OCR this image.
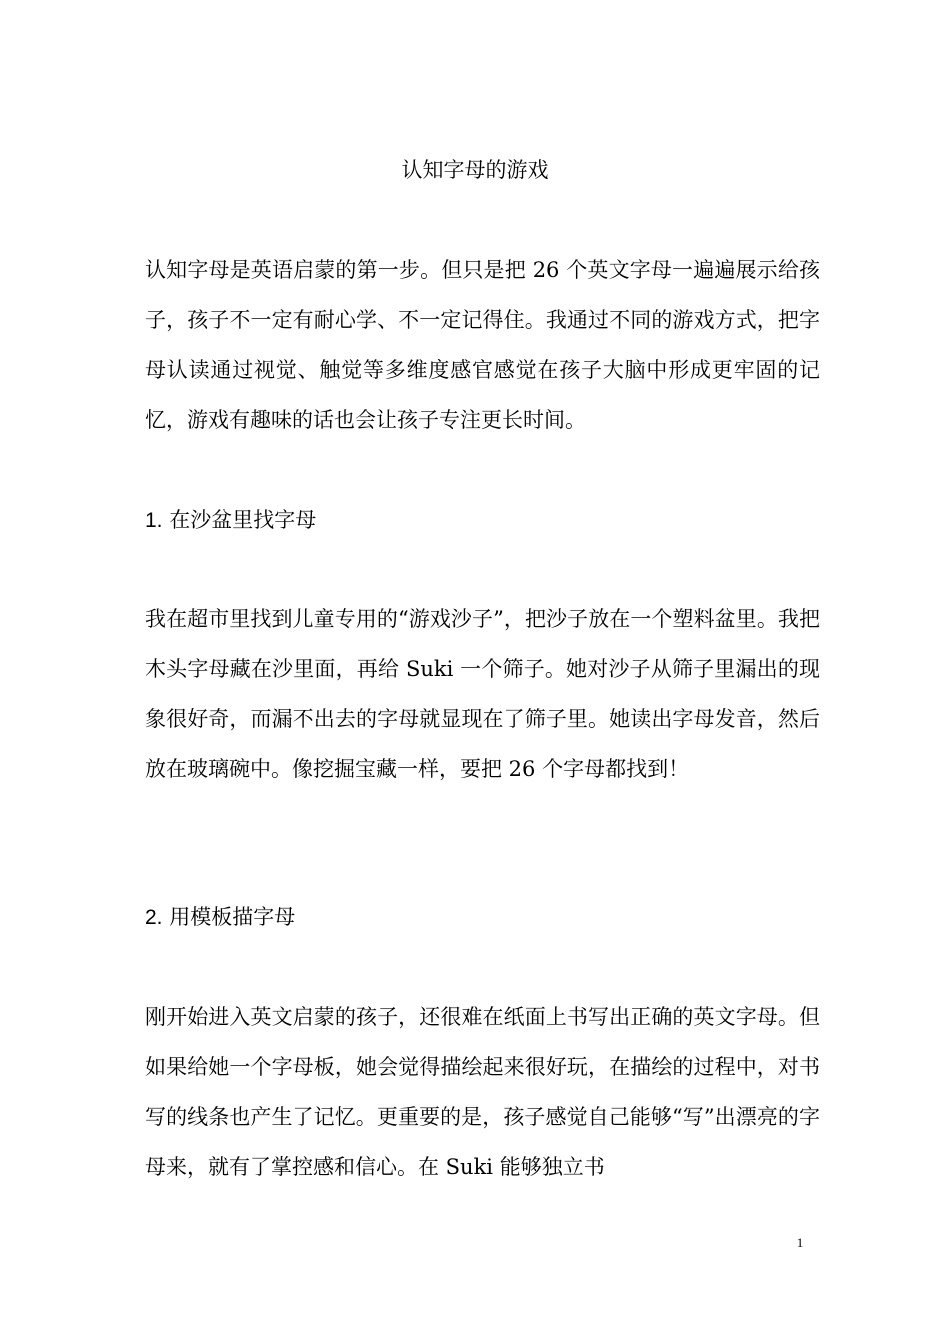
认知字母的游戏
认知字母是英语启蒙的第一步。但只是把 26 个英文字母一遍遍展示给孩子，孩子不一定有耐心学、不一定记得住。我通过不同的游戏方式，把字母认读通过视觉、触觉等多维度感官感觉在孩子大脑中形成更牢固的记忆，游戏有趣味的话也会让孩子专注更长时间。
1. 在沙盆里找字母
我在超市里找到儿童专用的“游戏沙子”，把沙子放在一个塑料盆里。我把木头字母藏在沙里面，再给 Suki 一个筛子。她对沙子从筛子里漏出的现象很好奇，而漏不出去的字母就显现在了筛子里。她读出字母发音，然后放在玻璃碗中。像挖掘宝藏一样，要把 26 个字母都找到！
2. 用模板描字母
刚开始进入英文启蒙的孩子，还很难在纸面上书写出正确的英文字母。但如果给她一个字母板，她会觉得描绘起来很好玩，在描绘的过程中，对书写的线条也产生了记忆。更重要的是，孩子感觉自己能够“写”出漂亮的字母来，就有了掌控感和信心。在 Suki 能够独立书
1
